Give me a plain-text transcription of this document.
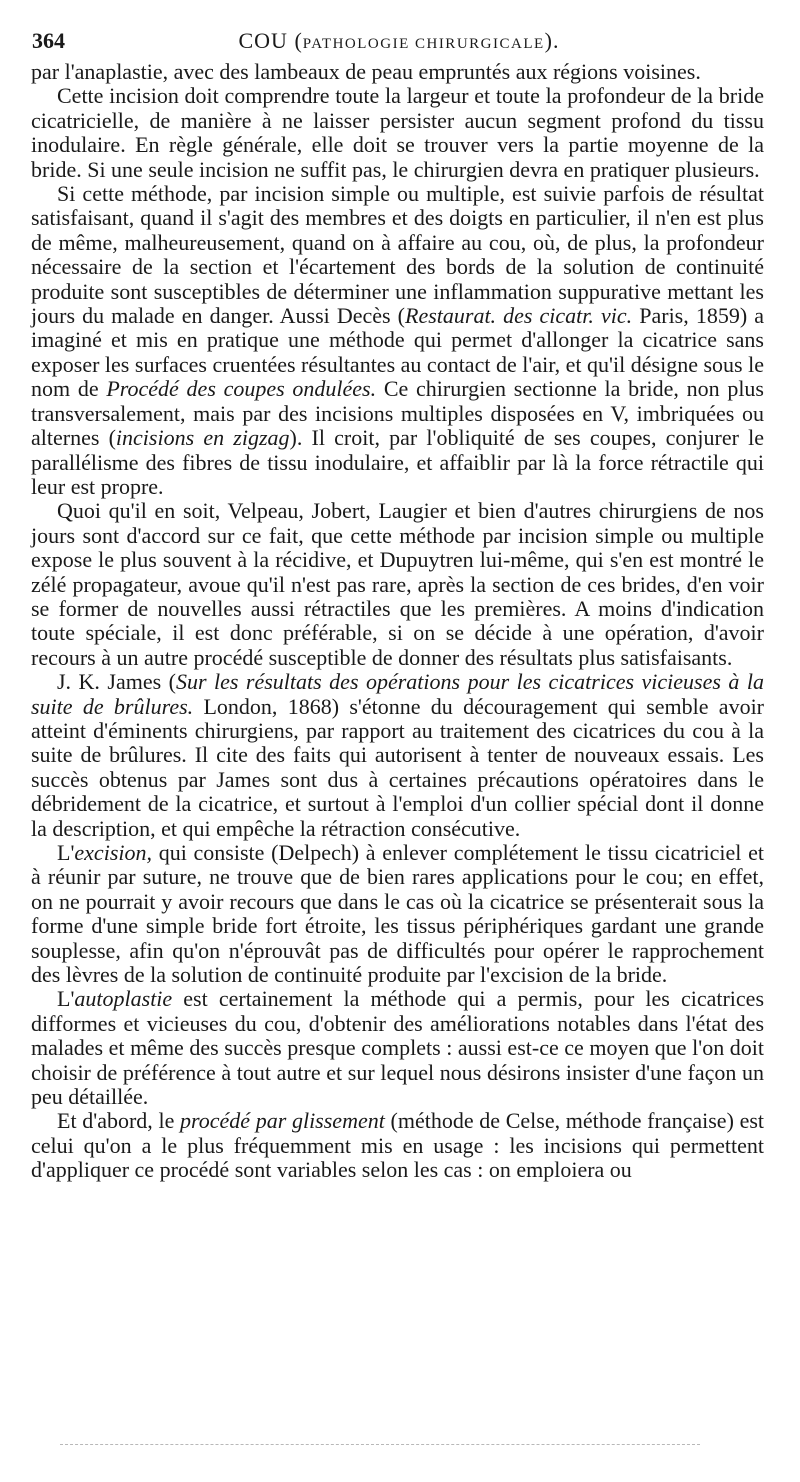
364	COU (PATHOLOGIE CHIRURGICALE).

par l'anaplastie, avec des lambeaux de peau empruntés aux régions voisines.

Cette incision doit comprendre toute la largeur et toute la profondeur de la bride cicatricielle, de manière à ne laisser persister aucun segment profond du tissu inodulaire. En règle générale, elle doit se trouver vers la partie moyenne de la bride. Si une seule incision ne suffit pas, le chirurgien devra en pratiquer plusieurs.

Si cette méthode, par incision simple ou multiple, est suivie parfois de résultat satisfaisant, quand il s'agit des membres et des doigts en particulier, il n'en est plus de même, malheureusement, quand on à affaire au cou, où, de plus, la profondeur nécessaire de la section et l'écartement des bords de la solution de continuité produite sont susceptibles de déterminer une inflammation suppurative mettant les jours du malade en danger. Aussi Decès (Restaurat. des cicatr. vic. Paris, 1859) a imaginé et mis en pratique une méthode qui permet d'allonger la cicatrice sans exposer les surfaces cruentées résultantes au contact de l'air, et qu'il désigne sous le nom de Procédé des coupes ondulées. Ce chirurgien sectionne la bride, non plus transversalement, mais par des incisions multiples disposées en V, imbriquées ou alternes (incisions en zigzag). Il croit, par l'obliquité de ses coupes, conjurer le parallélisme des fibres de tissu inodulaire, et affaiblir par là la force rétractile qui leur est propre.

Quoi qu'il en soit, Velpeau, Jobert, Laugier et bien d'autres chirurgiens de nos jours sont d'accord sur ce fait, que cette méthode par incision simple ou multiple expose le plus souvent à la récidive, et Dupuytren lui-même, qui s'en est montré le zélé propagateur, avoue qu'il n'est pas rare, après la section de ces brides, d'en voir se former de nouvelles aussi rétractiles que les premières. A moins d'indication toute spéciale, il est donc préférable, si on se décide à une opération, d'avoir recours à un autre procédé susceptible de donner des résultats plus satisfaisants.

J. K. James (Sur les résultats des opérations pour les cicatrices vicieuses à la suite de brûlures. London, 1868) s'étonne du découragement qui semble avoir atteint d'éminents chirurgiens, par rapport au traitement des cicatrices du cou à la suite de brûlures. Il cite des faits qui autorisent à tenter de nouveaux essais. Les succès obtenus par James sont dus à certaines précautions opératoires dans le débridement de la cicatrice, et surtout à l'emploi d'un collier spécial dont il donne la description, et qui empêche la rétraction consécutive.

L'excision, qui consiste (Delpech) à enlever complétement le tissu cicatriciel et à réunir par suture, ne trouve que de bien rares applications pour le cou; en effet, on ne pourrait y avoir recours que dans le cas où la cicatrice se présenterait sous la forme d'une simple bride fort étroite, les tissus périphériques gardant une grande souplesse, afin qu'on n'éprouvât pas de difficultés pour opérer le rapprochement des lèvres de la solution de continuité produite par l'excision de la bride.

L'autoplastie est certainement la méthode qui a permis, pour les cicatrices difformes et vicieuses du cou, d'obtenir des améliorations notables dans l'état des malades et même des succès presque complets : aussi est-ce ce moyen que l'on doit choisir de préférence à tout autre et sur lequel nous désirons insister d'une façon un peu détaillée.

Et d'abord, le procédé par glissement (méthode de Celse, méthode française) est celui qu'on a le plus fréquemment mis en usage : les incisions qui permettent d'appliquer ce procédé sont variables selon les cas : on emploiera ou
